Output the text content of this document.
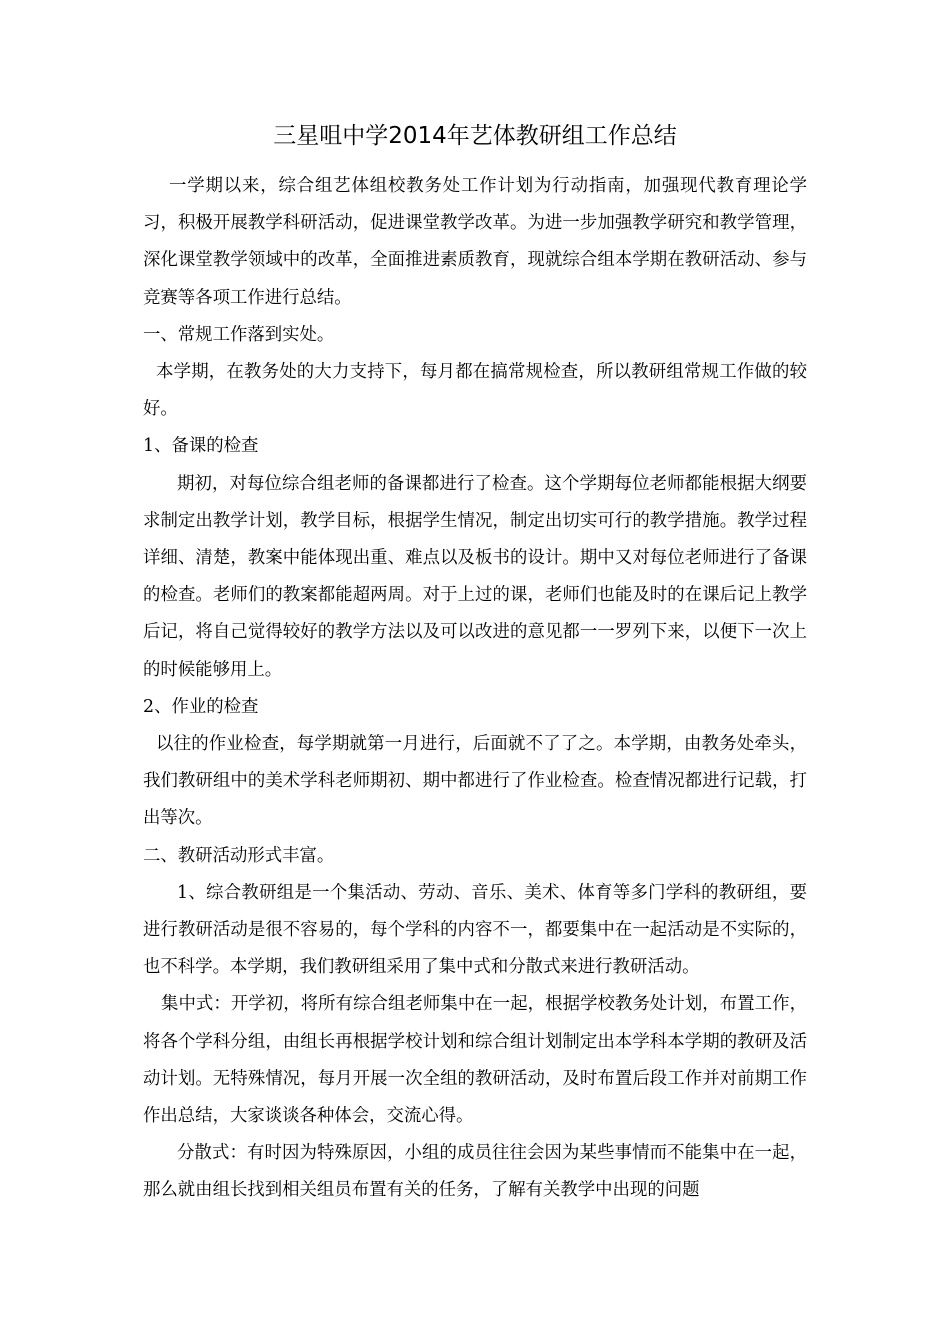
三星咀中学2014年艺体教研组工作总结

一学期以来，综合组艺体组校教务处工作计划为行动指南，加强现代教育理论学习，积极开展教学科研活动，促进课堂教学改革。为进一步加强教学研究和教学管理，深化课堂教学领域中的改革，全面推进素质教育，现就综合组本学期在教研活动、参与竞赛等各项工作进行总结。

一、常规工作落到实处。

本学期，在教务处的大力支持下，每月都在搞常规检查，所以教研组常规工作做的较好。

1、备课的检查

期初，对每位综合组老师的备课都进行了检查。这个学期每位老师都能根据大纲要求制定出教学计划，教学目标，根据学生情况，制定出切实可行的教学措施。教学过程详细、清楚，教案中能体现出重、难点以及板书的设计。期中又对每位老师进行了备课的检查。老师们的教案都能超两周。对于上过的课，老师们也能及时的在课后记上教学后记，将自己觉得较好的教学方法以及可以改进的意见都一一罗列下来，以便下一次上的时候能够用上。

2、作业的检查

以往的作业检查，每学期就第一月进行，后面就不了了之。本学期，由教务处牵头，我们教研组中的美术学科老师期初、期中都进行了作业检查。检查情况都进行记载，打出等次。

二、教研活动形式丰富。

1、综合教研组是一个集活动、劳动、音乐、美术、体育等多门学科的教研组，要进行教研活动是很不容易的，每个学科的内容不一，都要集中在一起活动是不实际的，也不科学。本学期，我们教研组采用了集中式和分散式来进行教研活动。

集中式：开学初，将所有综合组老师集中在一起，根据学校教务处计划，布置工作，将各个学科分组，由组长再根据学校计划和综合组计划制定出本学科本学期的教研及活动计划。无特殊情况，每月开展一次全组的教研活动，及时布置后段工作并对前期工作作出总结，大家谈谈各种体会，交流心得。

分散式：有时因为特殊原因，小组的成员往往会因为某些事情而不能集中在一起，那么就由组长找到相关组员布置有关的任务，了解有关教学中出现的问题
